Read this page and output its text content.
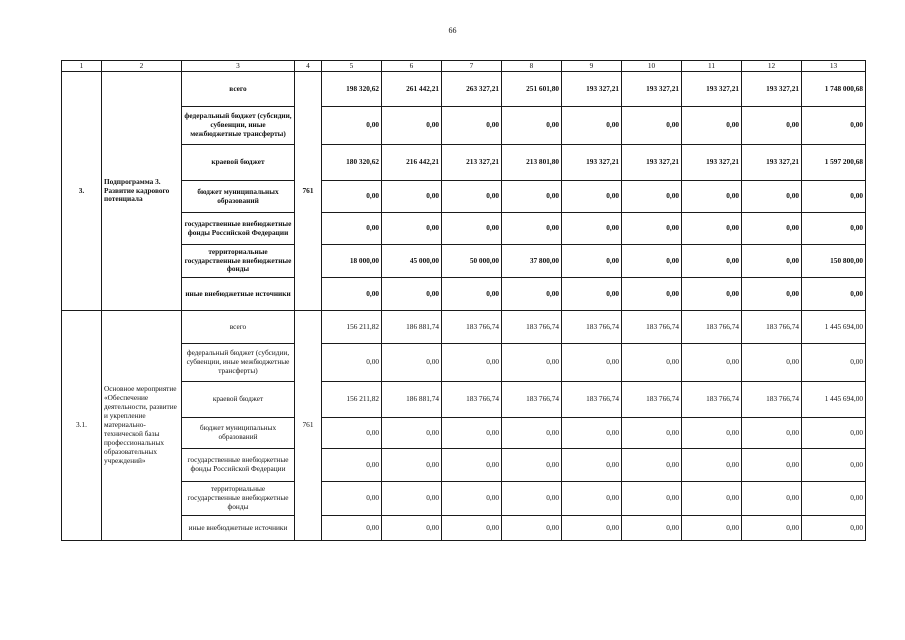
66
1	2	3	4	5	6	7	8	9	10	11	12	13
3.	Подпрограмма 3. Развитие кадрового потенциала	всего	761	198 320,62	261 442,21	263 327,21	251 601,80	193 327,21	193 327,21	193 327,21	193 327,21	1 748 000,68
		федеральный бюджет (субсидии, субвенции, иные межбюджетные трансферты)		0,00	0,00	0,00	0,00	0,00	0,00	0,00	0,00	0,00
		краевой бюджет		180 320,62	216 442,21	213 327,21	213 801,80	193 327,21	193 327,21	193 327,21	193 327,21	1 597 200,68
		бюджет муниципальных образований		0,00	0,00	0,00	0,00	0,00	0,00	0,00	0,00	0,00
		государственные внебюджетные фонды Российской Федерации		0,00	0,00	0,00	0,00	0,00	0,00	0,00	0,00	0,00
		территориальные государственные внебюджетные фонды		18 000,00	45 000,00	50 000,00	37 800,00	0,00	0,00	0,00	0,00	150 800,00
		иные внебюджетные источники		0,00	0,00	0,00	0,00	0,00	0,00	0,00	0,00	0,00
3.1.	Основное мероприятие «Обеспечение деятельности, развитие и укрепление материально-технической базы профессиональных образовательных учреждений»	всего	761	156 211,82	186 881,74	183 766,74	183 766,74	183 766,74	183 766,74	183 766,74	183 766,74	1 445 694,00
		федеральный бюджет (субсидии, субвенции, иные межбюджетные трансферты)		0,00	0,00	0,00	0,00	0,00	0,00	0,00	0,00	0,00
		краевой бюджет		156 211,82	186 881,74	183 766,74	183 766,74	183 766,74	183 766,74	183 766,74	183 766,74	1 445 694,00
		бюджет муниципальных образований		0,00	0,00	0,00	0,00	0,00	0,00	0,00	0,00	0,00
		государственные внебюджетные фонды Российской Федерации		0,00	0,00	0,00	0,00	0,00	0,00	0,00	0,00	0,00
		территориальные государственные внебюджетные фонды		0,00	0,00	0,00	0,00	0,00	0,00	0,00	0,00	0,00
		иные внебюджетные источники		0,00	0,00	0,00	0,00	0,00	0,00	0,00	0,00	0,00
